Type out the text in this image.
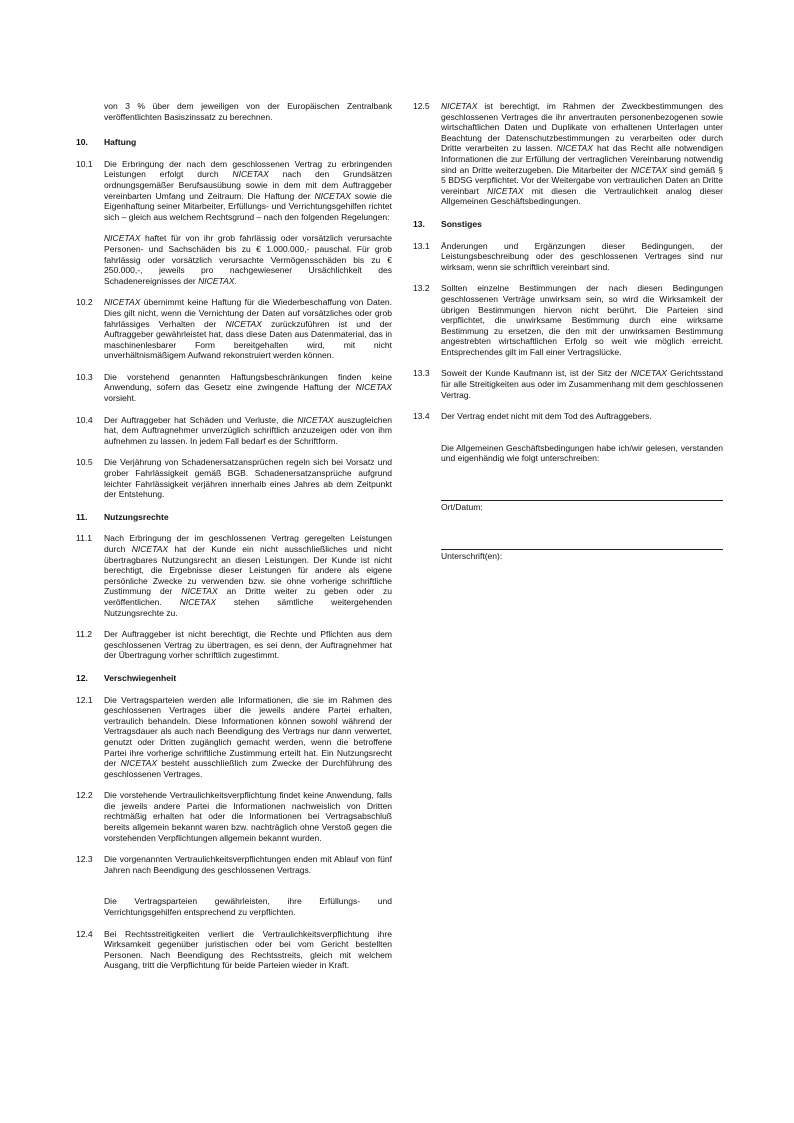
von 3 % über dem jeweiligen von der Europäischen Zentralbank veröffentlichten Basiszinssatz zu berechnen.

10.	Haftung
10.1	Die Erbringung der nach dem geschlossenen Vertrag zu erbringenden Leistungen erfolgt durch NICETAX nach den Grundsätzen ordnungsgemäßer Berufsausübung sowie in dem mit dem Auftraggeber vereinbarten Umfang und Zeitraum. Die Haftung der NICETAX sowie die Eigenhaftung seiner Mitarbeiter, Erfüllungs- und Verrichtungsgehilfen richtet sich – gleich aus welchem Rechtsgrund – nach den folgenden Regelungen:

NICETAX haftet für von ihr grob fahrlässig oder vorsätzlich verursachte Personen- und Sachschäden bis zu € 1.000.000,- pauschal. Für grob fahrlässig oder vorsätzlich verursachte Vermögensschäden bis zu € 250.000,-, jeweils pro nachgewiesener Ursächlichkeit des Schadenereignisses der NICETAX.

10.2	NICETAX übernimmt keine Haftung für die Wiederbeschaffung von Daten. Dies gilt nicht, wenn die Vernichtung der Daten auf vorsätzliches oder grob fahrlässiges Verhalten der NICETAX zurückzuführen ist und der Auftraggeber gewährleistet hat, dass diese Daten aus Datenmaterial, das in maschinenlesbarer Form bereitgehalten wird, mit nicht unverhältnismäßigem Aufwand rekonstruiert werden können.

10.3	Die vorstehend genannten Haftungsbeschränkungen finden keine Anwendung, sofern das Gesetz eine zwingende Haftung der NICETAX vorsieht.

10.4	Der Auftraggeber hat Schäden und Verluste, die NICETAX auszugleichen hat, dem Auftragnehmer unverzüglich schriftlich anzuzeigen oder von ihm aufnehmen zu lassen. In jedem Fall bedarf es der Schriftform.

10.5	Die Verjährung von Schadenersatzansprüchen regeln sich bei Vorsatz und grober Fahrlässigkeit gemäß BGB. Schadenersatzansprüche aufgrund leichter Fahrlässigkeit verjähren innerhalb eines Jahres ab dem Zeitpunkt der Entstehung.

11.	Nutzungsrechte
11.1	Nach Erbringung der im geschlossenen Vertrag geregelten Leistungen durch NICETAX hat der Kunde ein nicht ausschließliches und nicht übertragbares Nutzungsrecht an diesen Leistungen. Der Kunde ist nicht berechtigt, die Ergebnisse dieser Leistungen für andere als eigene persönliche Zwecke zu verwenden bzw. sie ohne vorherige schriftliche Zustimmung der NICETAX an Dritte weiter zu geben oder zu veröffentlichen. NICETAX stehen sämtliche weitergehenden Nutzungsrechte zu.

11.2	Der Auftraggeber ist nicht berechtigt, die Rechte und Pflichten aus dem geschlossenen Vertrag zu übertragen, es sei denn, der Auftragnehmer hat der Übertragung vorher schriftlich zugestimmt.

12.	Verschwiegenheit
12.1	Die Vertragsparteien werden alle Informationen, die sie im Rahmen des geschlossenen Vertrages über die jeweils andere Partei erhalten, vertraulich behandeln. Diese Informationen können sowohl während der Vertragsdauer als auch nach Beendigung des Vertrags nur dann verwertet, genutzt oder Dritten zugänglich gemacht werden, wenn die betroffene Partei ihre vorherige schriftliche Zustimmung erteilt hat. Ein Nutzungsrecht der NICETAX besteht ausschließlich zum Zwecke der Durchführung des geschlossenen Vertrages.

12.2	Die vorstehende Vertraulichkeitsverpflichtung findet keine Anwendung, falls die jeweils andere Partei die Informationen nachweislich von Dritten rechtmäßig erhalten hat oder die Informationen bei Vertragsabschluß bereits allgemein bekannt waren bzw. nachträglich ohne Verstoß gegen die vorstehenden Verpflichtungen allgemein bekannt wurden.

12.3	Die vorgenannten Vertraulichkeitsverpflichtungen enden mit Ablauf von fünf Jahren nach Beendigung des geschlossenen Vertrags.

Die Vertragsparteien gewährleisten, ihre Erfüllungs- und Verrichtungsgehilfen entsprechend zu verpflichten.

12.4	Bei Rechtsstreitigkeiten verliert die Vertraulichkeitsverpflichtung ihre Wirksamkeit gegenüber juristischen oder bei vom Gericht bestellten Personen. Nach Beendigung des Rechtsstreits, gleich mit welchem Ausgang, tritt die Verpflichtung für beide Parteien wieder in Kraft.

12.5	NICETAX ist berechtigt, im Rahmen der Zweckbestimmungen des geschlossenen Vertrages die ihr anvertrauten personenbezogenen sowie wirtschaftlichen Daten und Duplikate von erhaltenen Unterlagen unter Beachtung der Datenschutzbestimmungen zu verarbeiten oder durch Dritte verarbeiten zu lassen. NICETAX hat das Recht alle notwendigen Informationen die zur Erfüllung der vertraglichen Vereinbarung notwendig sind an Dritte weiterzugeben. Die Mitarbeiter der NICETAX sind gemäß § 5 BDSG verpflichtet. Vor der Weitergabe von vertraulichen Daten an Dritte vereinbart NICETAX mit diesen die Vertraulichkeit analog dieser Allgemeinen Geschäftsbedingungen.

13.	Sonstiges
13.1	Änderungen und Ergänzungen dieser Bedingungen, der Leistungsbeschreibung oder des geschlossenen Vertrages sind nur wirksam, wenn sie schriftlich vereinbart sind.

13.2	Sollten einzelne Bestimmungen der nach diesen Bedingungen geschlossenen Verträge unwirksam sein, so wird die Wirksamkeit der übrigen Bestimmungen hiervon nicht berührt. Die Parteien sind verpflichtet, die unwirksame Bestimmung durch eine wirksame Bestimmung zu ersetzen, die den mit der unwirksamen Bestimmung angestrebten wirtschaftlichen Erfolg so weit wie möglich erreicht. Entsprechendes gilt im Fall einer Vertragslücke.

13.3	Soweit der Kunde Kaufmann ist, ist der Sitz der NICETAX Gerichtsstand für alle Streitigkeiten aus oder im Zusammenhang mit dem geschlossenen Vertrag.

13.4	Der Vertrag endet nicht mit dem Tod des Auftraggebers.

Die Allgemeinen Geschäftsbedingungen habe ich/wir gelesen, verstanden und eigenhändig wie folgt unterschreiben:

Ort/Datum:
Unterschrift(en):
